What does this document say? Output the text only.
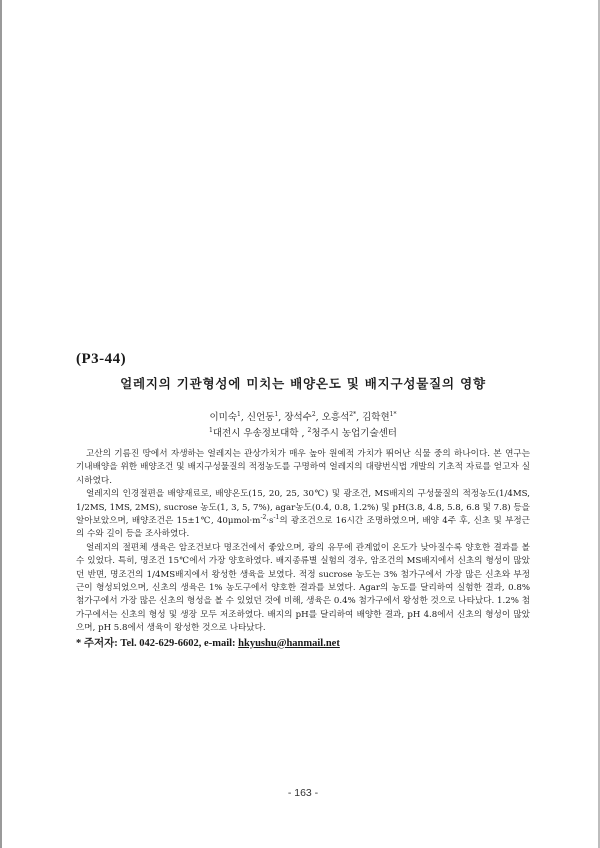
(P3-44)
얼레지의 기관형성에 미치는 배양온도 및 배지구성물질의 영향
이미숙$^1$, 신언동$^1$, 장석수$^2$, 오흥석$^{2*}$, 김학현$^{1*}$
$^1$대전시 우송정보대학 , $^2$청주시 농업기술센터

고산의 기름진 땅에서 자생하는 얼레지는 관상가치가 매우 높아 원예적 가치가 뛰어난 식물 중의 하나이다. 본 연구는 기내배양을 위한 배양조건 및 배지구성물질의 적정농도를 구명하여 얼레지의 대량번식법 개발의 기초적 자료를 얻고자 실시하였다.

얼레지의 인경절편을 배양재료로, 배양온도(15, 20, 25, 30℃) 및 광조건, MS배지의 구성물질의 적정농도(1/4MS, 1/2MS, 1MS, 2MS), sucrose 농도(1, 3, 5, 7%), agar농도(0.4, 0.8, 1.2%) 및 pH(3.8, 4.8, 5.8, 6.8 및 7.8) 등을 알아보았으며, 배양조건은 15±1℃, $40\mu mol\cdot m^{-2}\cdot s^{-1}$의 광조건으로 16시간 조명하였으며, 배양 4주 후, 신초 및 부정근의 수와 길이 등을 조사하였다.

얼레지의 절편체 생육은 암조건보다 명조건에서 좋았으며, 광의 유무에 관계없이 온도가 낮아질수록 양호한 결과를 볼 수 있었다. 특히, 명조건 15℃에서 가장 양호하였다. 배지종류별 실험의 경우, 암조건의 MS배지에서 신초의 형성이 많았던 반면, 명조건의 1/4MS배지에서 왕성한 생육을 보였다. 적정 sucrose 농도는 3% 첨가구에서 가장 많은 신초와 부정근이 형성되었으며, 신초의 생육은 1% 농도구에서 양호한 결과를 보였다. Agar의 농도를 달리하여 실험한 결과, 0.8% 첨가구에서 가장 많은 신초의 형성을 볼 수 있었던 것에 비해, 생육은 0.4% 첨가구에서 왕성한 것으로 나타났다. 1.2% 첨가구에서는 신초의 형성 및 생장 모두 저조하였다. 배지의 pH를 달리하여 배양한 결과, pH 4.8에서 신초의 형성이 많았으며, pH 5.8에서 생육이 왕성한 것으로 나타났다.

* 주저자: Tel. 042-629-6602, e-mail: hkyushu@hanmail.net
- 163 -
